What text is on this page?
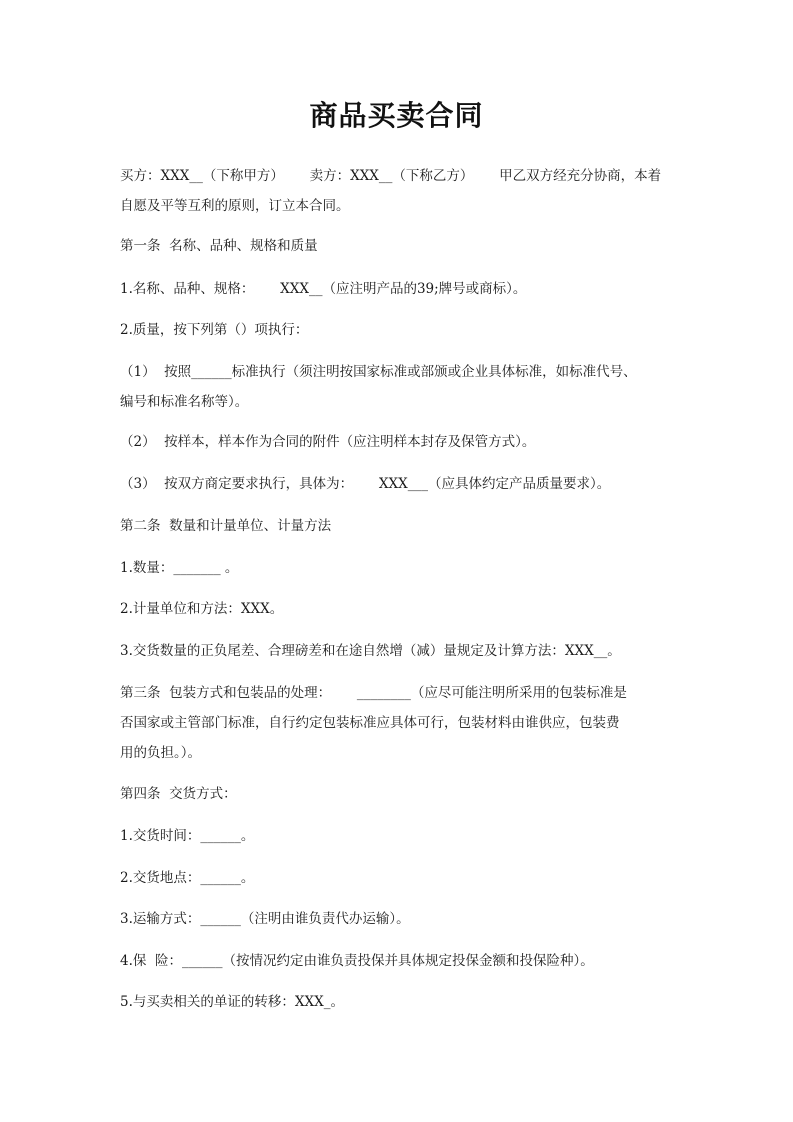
商品买卖合同
买方：XXX__（下称甲方）      卖方：XXX__（下称乙方）      甲乙双方经充分协商，本着
自愿及平等互利的原则，订立本合同。
第一条  名称、品种、规格和质量
1.名称、品种、规格：      XXX__（应注明产品的39;牌号或商标）。
2.质量，按下列第（）项执行：
（1）  按照______标准执行（须注明按国家标准或部颁或企业具体标准，如标准代号、
编号和标准名称等）。
（2）  按样本，样本作为合同的附件（应注明样本封存及保管方式）。
（3）  按双方商定要求执行，具体为：      XXX___（应具体约定产品质量要求）。
第二条  数量和计量单位、计量方法
1.数量：_______ 。
2.计量单位和方法：XXX。
3.交货数量的正负尾差、合理磅差和在途自然增（减）量规定及计算方法：XXX__。
第三条  包装方式和包装品的处理：      ________（应尽可能注明所采用的包装标准是
否国家或主管部门标准，自行约定包装标准应具体可行，包装材料由谁供应，包装费
用的负担。）。
第四条  交货方式：
1.交货时间：______。
2.交货地点：______。
3.运输方式：______（注明由谁负责代办运输）。
4.保  险：______（按情况约定由谁负责投保并具体规定投保金额和投保险种）。
5.与买卖相关的单证的转移：XXX_。
